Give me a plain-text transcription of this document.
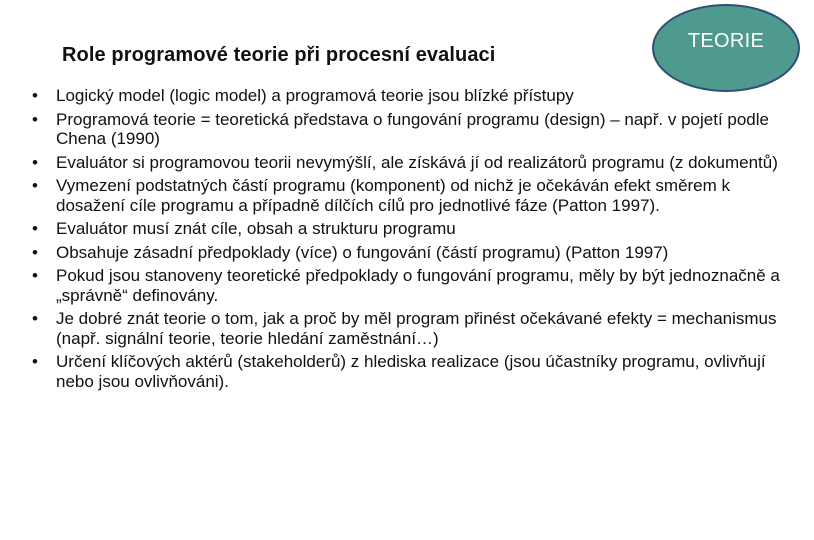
Role programové teorie při procesní evaluaci
TEORIE
• Logický model (logic model) a programová teorie jsou blízké přístupy
• Programová teorie = teoretická představa o fungování programu (design) – např. v pojetí podle Chena (1990)
• Evaluátor si programovou teorii nevymýšlí, ale získává jí od realizátorů programu (z dokumentů)
• Vymezení podstatných částí programu (komponent) od nichž je očekáván efekt směrem k dosažení cíle programu a případně dílčích cílů pro jednotlivé fáze (Patton 1997).
• Evaluátor musí znát cíle, obsah a strukturu programu
• Obsahuje zásadní předpoklady (více) o fungování (částí programu) (Patton 1997)
• Pokud jsou stanoveny teoretické předpoklady o fungování programu, měly by být jednoznačně a „správně“ definovány.
• Je dobré znát teorie o tom, jak a proč by měl program přinést očekávané efekty = mechanismus (např. signální teorie, teorie hledání zaměstnání…)
• Určení klíčových aktérů (stakeholderů) z hlediska realizace (jsou účastníky programu, ovlivňují nebo jsou ovlivňováni).
